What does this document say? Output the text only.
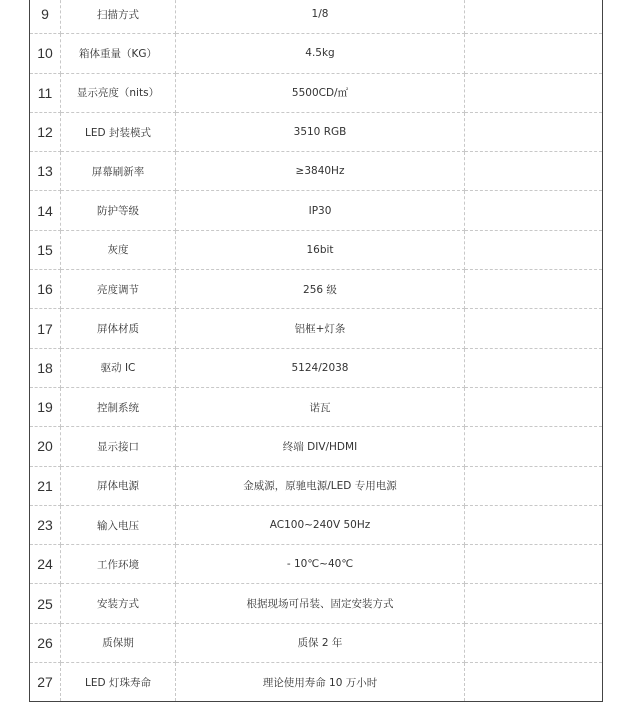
9	扫描方式	1/8	
10	箱体重量（KG）	4.5kg	
11	显示亮度（nits）	5500CD/㎡	
12	LED 封装模式	3510 RGB	
13	屏幕刷新率	≥3840Hz	
14	防护等级	IP30	
15	灰度	16bit	
16	亮度调节	256 级	
17	屏体材质	铝框+灯条	
18	驱动 IC	5124/2038	
19	控制系统	诺瓦	
20	显示接口	终端 DIV/HDMI	
21	屏体电源	金威源，原驰电源/LED 专用电源	
23	输入电压	AC100~240V 50Hz	
24	工作环境	- 10℃~40℃	
25	安装方式	根据现场可吊装、固定安装方式	
26	质保期	质保 2 年	
27	LED 灯珠寿命	理论使用寿命 10 万小时	
